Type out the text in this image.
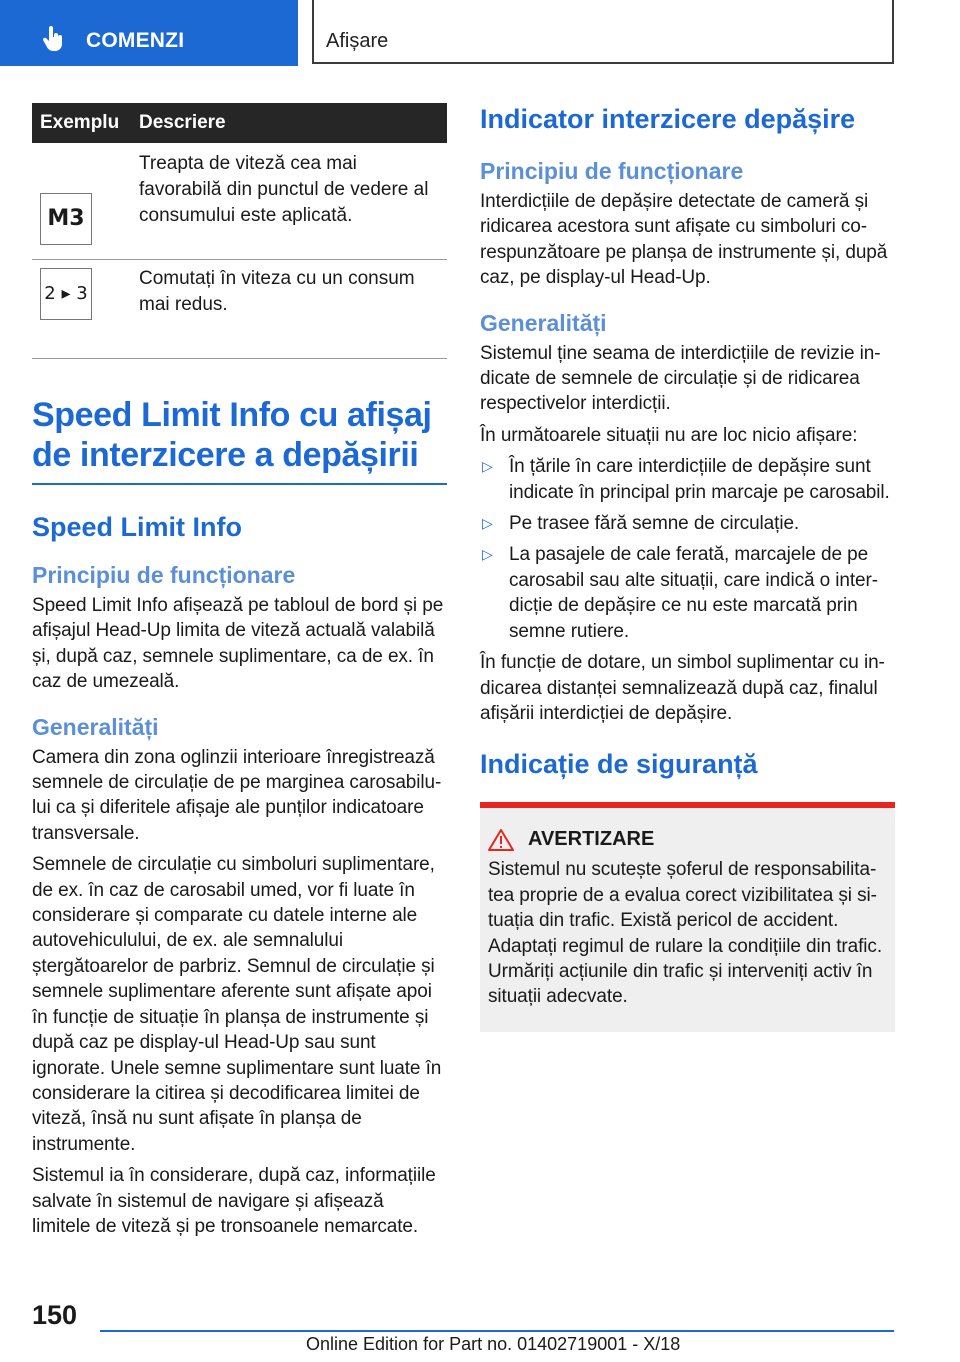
COMENZI	Afișare
Exemplu	Descriere

M3	Treapta de viteză cea mai favorabilă din punctul de vedere al consumului este aplicată.

2 ▸ 3	Comutați în viteza cu un consum mai redus.
Speed Limit Info cu afișaj de interzicere a depășirii
Speed Limit Info
Principiu de funcționare

Speed Limit Info afișează pe tabloul de bord și pe afișajul Head-Up limita de viteză actuală valabilă și, după caz, semnele suplimentare, ca de ex. în caz de umezeală.

Generalități

Camera din zona oglinzii interioare înregistrează semnele de circulație de pe marginea carosabilului ca și diferitele afișaje ale punților indicatoare transversale.

Semnele de circulație cu simboluri suplimentare, de ex. în caz de carosabil umed, vor fi luate în considerare și comparate cu datele interne ale autovehiculului, de ex. ale semnalului ștergătoarelor de parbriz. Semnul de circulație și semnele suplimentare aferente sunt afișate apoi în funcție de situație în planșa de instrumente și după caz pe display-ul Head-Up sau sunt ignorate. Unele semne suplimentare sunt luate în considerare la citirea și decodificarea limitei de viteză, însă nu sunt afișate în planșa de instrumente.

Sistemul ia în considerare, după caz, informațiile salvate în sistemul de navigare și afișează limitele de viteză și pe tronsoanele nemarcate.

Indicator interzicere depășire
Principiu de funcționare

Interdicțiile de depășire detectate de cameră și ridicarea acestora sunt afișate cu simboluri corespunzătoare pe planșa de instrumente și, după caz, pe display-ul Head-Up.

Generalități

Sistemul ține seama de interdicțiile de revizie indicate de semnele de circulație și de ridicarea respectivelor interdicții.

În următoarele situații nu are loc nicio afișare:

▷ În țările în care interdicțiile de depășire sunt indicate în principal prin marcaje pe carosabil.
▷ Pe trasee fără semne de circulație.
▷ La pasajele de cale ferată, marcajele de pe carosabil sau alte situații, care indică o interdicție de depășire ce nu este marcată prin semne rutiere.

În funcție de dotare, un simbol suplimentar cu indicarea distanței semnalizează după caz, finalul afișării interdicției de depășire.

Indicație de siguranță
AVERTIZARE

Sistemul nu scutește șoferul de responsabilitatea proprie de a evalua corect vizibilitatea și situația din trafic. Există pericol de accident. Adaptați regimul de rulare la condițiile din trafic. Urmăriți acțiunile din trafic și interveniți activ în situații adecvate.

150
Online Edition for Part no. 01402719001 - X/18
